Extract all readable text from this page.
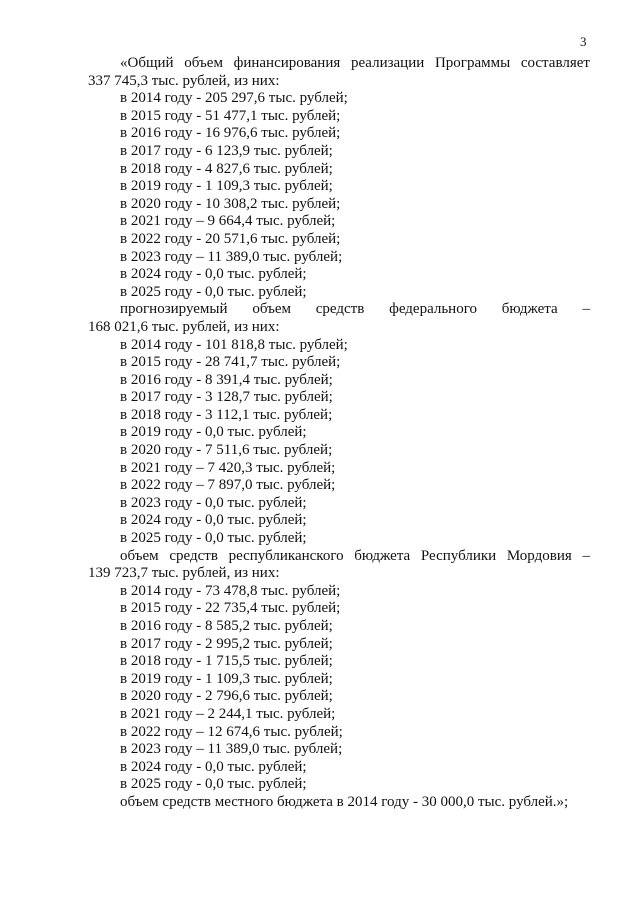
3
«Общий объем финансирования реализации Программы составляет
337 745,3 тыс. рублей, из них:
в 2014 году - 205 297,6 тыс. рублей;
в 2015 году - 51 477,1 тыс. рублей;
в 2016 году - 16 976,6 тыс. рублей;
в 2017 году - 6 123,9 тыс. рублей;
в 2018 году - 4 827,6 тыс. рублей;
в 2019 году - 1 109,3 тыс. рублей;
в 2020 году - 10 308,2 тыс. рублей;
в 2021 году – 9 664,4 тыс. рублей;
в 2022 году - 20 571,6 тыс. рублей;
в 2023 году – 11 389,0 тыс. рублей;
в 2024 году - 0,0 тыс. рублей;
в 2025 году - 0,0 тыс. рублей;
прогнозируемый объем средств федерального бюджета –
168 021,6 тыс. рублей, из них:
в 2014 году - 101 818,8 тыс. рублей;
в 2015 году - 28 741,7 тыс. рублей;
в 2016 году - 8 391,4 тыс. рублей;
в 2017 году - 3 128,7 тыс. рублей;
в 2018 году - 3 112,1 тыс. рублей;
в 2019 году - 0,0 тыс. рублей;
в 2020 году - 7 511,6 тыс. рублей;
в 2021 году – 7 420,3 тыс. рублей;
в 2022 году – 7 897,0 тыс. рублей;
в 2023 году - 0,0 тыс. рублей;
в 2024 году - 0,0 тыс. рублей;
в 2025 году - 0,0 тыс. рублей;
объем средств республиканского бюджета Республики Мордовия –
139 723,7 тыс. рублей, из них:
в 2014 году - 73 478,8 тыс. рублей;
в 2015 году - 22 735,4 тыс. рублей;
в 2016 году - 8 585,2 тыс. рублей;
в 2017 году - 2 995,2 тыс. рублей;
в 2018 году - 1 715,5 тыс. рублей;
в 2019 году - 1 109,3 тыс. рублей;
в 2020 году - 2 796,6 тыс. рублей;
в 2021 году – 2 244,1 тыс. рублей;
в 2022 году – 12 674,6 тыс. рублей;
в 2023 году – 11 389,0 тыс. рублей;
в 2024 году - 0,0 тыс. рублей;
в 2025 году - 0,0 тыс. рублей;
объем средств местного бюджета в 2014 году - 30 000,0 тыс. рублей.»;
